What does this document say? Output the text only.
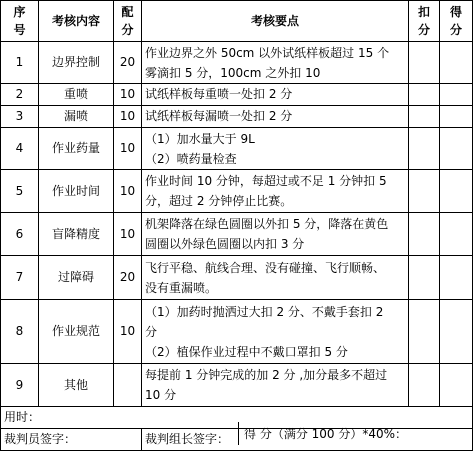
序号	考核内容	配分	考核要点	扣分	得分
1	边界控制	20	作业边界之外 50cm 以外试纸样板超过 15 个
雾滴扣 5 分，100cm 之外扣 10		

2	重喷	10	试纸样板每重喷一处扣 2 分		

3	漏喷	10	试纸样板每漏喷一处扣 2 分		

4	作业药量	10	（1）加水量大于 9L
（2）喷药量检查		

5	作业时间	10	作业时间 10 分钟，每超过或不足 1 分钟扣 5
分，超过 2 分钟停止比赛。		

6	盲降精度	10	机架降落在绿色圆圈以外扣 5 分，降落在黄色
圆圈以外绿色圆圈以内扣 3 分		

7	过障碍	20	飞行平稳、航线合理、没有碰撞、飞行顺畅、
没有重漏喷。		

8	作业规范	10	（1）加药时抛洒过大扣 2 分、不戴手套扣 2
分
（2）植保作业过程中不戴口罩扣 5 分		

9	其他		每提前 1 分钟完成的加 2 分 ,加分最多不超过
10 分		

用时：					
裁判员签字：			裁判组长签字：		得 分（满分 100 分）*40%：
